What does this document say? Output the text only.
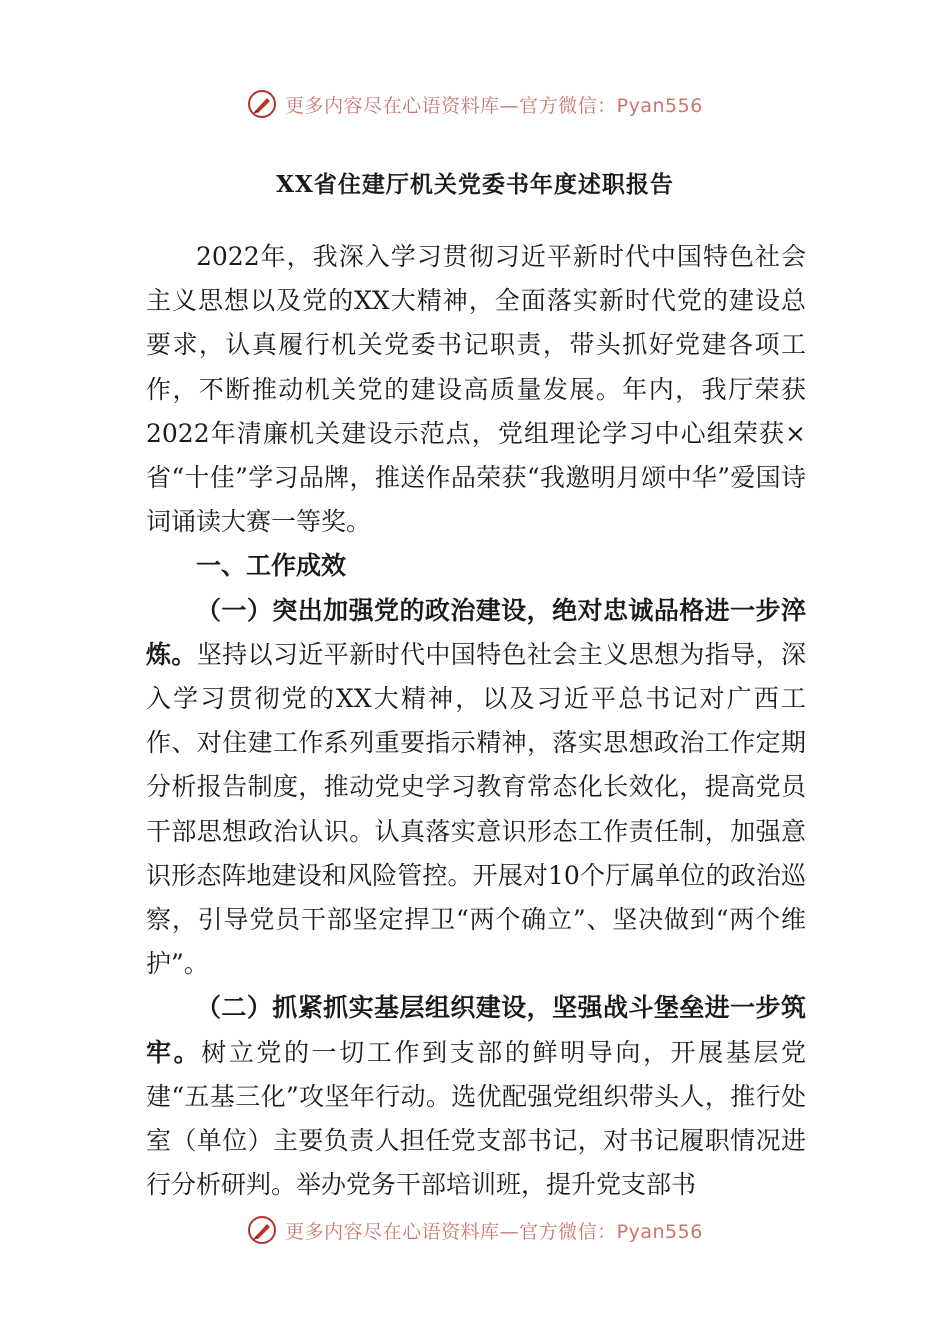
更多内容尽在心语资料库—官方微信：Pyan556
XX省住建厅机关党委书年度述职报告

2022年，我深入学习贯彻习近平新时代中国特色社会主义思想以及党的XX大精神，全面落实新时代党的建设总要求，认真履行机关党委书记职责，带头抓好党建各项工作，不断推动机关党的建设高质量发展。年内，我厅荣获2022年清廉机关建设示范点，党组理论学习中心组荣获×省“十佳”学习品牌，推送作品荣获“我邀明月颂中华”爱国诗词诵读大赛一等奖。

一、工作成效

（一）突出加强党的政治建设，绝对忠诚品格进一步淬炼。坚持以习近平新时代中国特色社会主义思想为指导，深入学习贯彻党的XX大精神，以及习近平总书记对广西工作、对住建工作系列重要指示精神，落实思想政治工作定期分析报告制度，推动党史学习教育常态化长效化，提高党员干部思想政治认识。认真落实意识形态工作责任制，加强意识形态阵地建设和风险管控。开展对10个厅属单位的政治巡察，引导党员干部坚定捍卫“两个确立”、坚决做到“两个维护”。

（二）抓紧抓实基层组织建设，坚强战斗堡垒进一步筑牢。树立党的一切工作到支部的鲜明导向，开展基层党建“五基三化”攻坚年行动。选优配强党组织带头人，推行处室（单位）主要负责人担任党支部书记，对书记履职情况进行分析研判。举办党务干部培训班，提升党支部书

更多内容尽在心语资料库—官方微信：Pyan556
